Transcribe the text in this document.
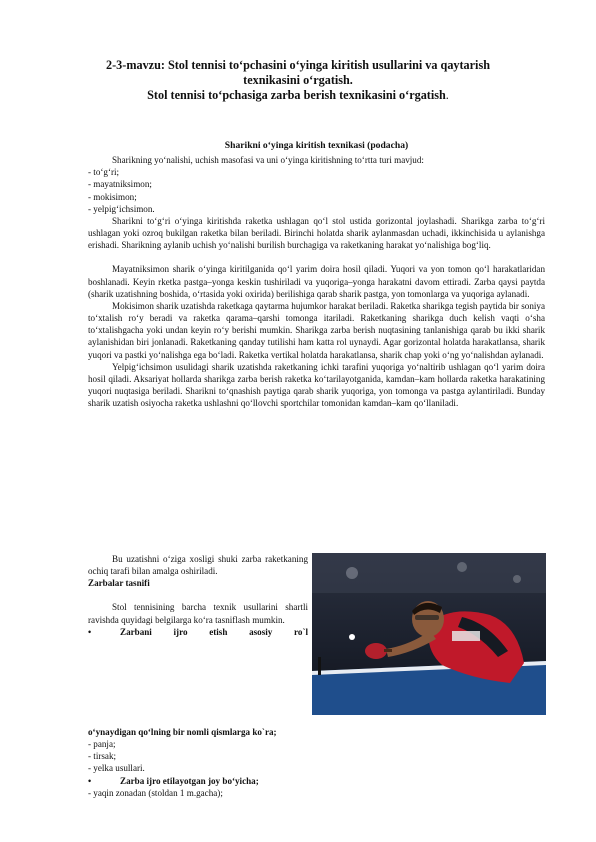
2-3-mavzu: Stol tennisi to‘pchasini o‘yinga kiritish usullarini va qaytarish
texnikasini o‘rgatish.
Stol tennisi to‘pchasiga zarba berish texnikasini o‘rgatish.

Sharikni o‘yinga kiritish texnikasi (podacha)

Sharikning yo‘nalishi, uchish masofasi va uni o‘yinga kiritishning to‘rtta turi mavjud:

- to‘g‘ri;

- mayatniksimon;

- mokisimon;

- yelpig‘ichsimon.

Sharikni to‘g‘ri o‘yinga kiritishda raketka ushlagan qo‘l stol ustida gorizontal joylashadi. Sharikga zarba to‘g‘ri ushlagan yoki ozroq bukilgan raketka bilan beriladi. Birinchi holatda sharik aylanmasdan uchadi, ikkinchisida u aylanishga erishadi. Sharikning aylanib uchish yo‘nalishi burilish burchagiga va raketkaning harakat yo‘nalishiga bog‘liq.

Mayatniksimon sharik o‘yinga kiritilganida qo‘l yarim doira hosil qiladi. Yuqori va yon tomon qo‘l harakatlaridan boshlanadi. Keyin rketka pastga–yonga keskin tushiriladi va yuqoriga–yonga harakatni davom ettiradi. Zarba qaysi paytda (sharik uzatishning boshida, o‘rtasida yoki oxirida) berilishiga qarab sharik pastga, yon tomonlarga va yuqoriga aylanadi.

Mokisimon sharik uzatishda raketkaga qaytarma hujumkor harakat beriladi. Raketka sharikga tegish paytida bir soniya to‘xtalish ro‘y beradi va raketka qarama–qarshi tomonga itariladi. Raketkaning sharikga duch kelish vaqti o‘sha to‘xtalishgacha yoki undan keyin ro‘y berishi mumkin. Sharikga zarba berish nuqtasining tanlanishiga qarab bu ikki sharik aylanishidan biri jonlanadi. Raketkaning qanday tutilishi ham katta rol uynaydi. Agar gorizontal holatda harakatlansa, sharik yuqori va pastki yo‘nalishga ega bo‘ladi. Raketka vertikal holatda harakatlansa, sharik chap yoki o‘ng yo‘nalishdan aylanadi.

Yelpig‘ichsimon usulidagi sharik uzatishda raketkaning ichki tarafini yuqoriga yo‘naltirib ushlagan qo‘l yarim doira hosil qiladi. Aksariyat hollarda sharikga zarba berish raketka ko‘tarilayotganida, kamdan–kam hollarda raketka harakatining yuqori nuqtasiga beriladi. Sharikni to‘qnashish paytiga qarab sharik yuqoriga, yon tomonga va pastga aylantiriladi. Bunday sharik uzatish osiyocha raketka ushlashni qo‘llovchi sportchilar tomonidan kamdan–kam qo‘llaniladi.

Bu uzatishni o‘ziga xosligi shuki zarba raketkaning ochiq tarafi bilan amalga oshiriladi.

Zarbalar tasnifi

Stol tennisining barcha texnik usullarini shartli ravishda quyidagi belgilarga ko‘ra tasniflash mumkin.

•	Zarbani ijro etish asosiy ro`l

o‘ynaydigan qo‘lning bir nomli qismlarga ko`ra;

- panja;

- tirsak;

- yelka usullari.

•	Zarba ijro etilayotgan joy bo‘yicha;

- yaqin zonadan (stoldan 1 m.gacha);
